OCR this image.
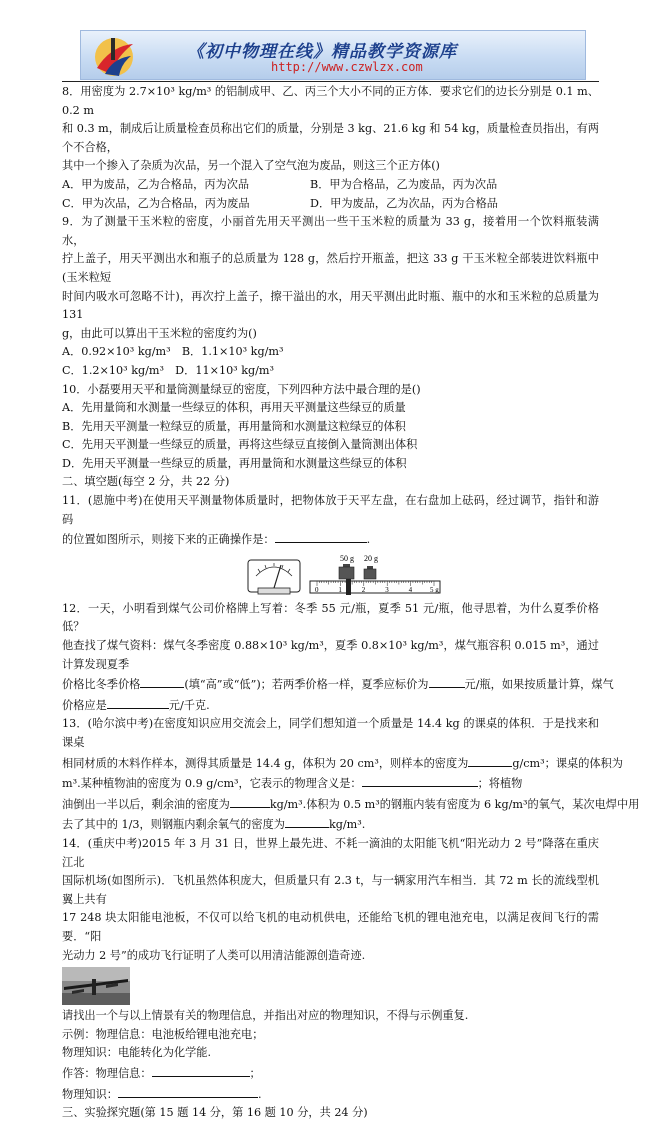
《初中物理在线》精品教学资源库
http://www.czwlzx.com

8．用密度为 2.7×10³ kg/m³ 的铝制成甲、乙、丙三个大小不同的正方体．要求它们的边长分别是 0.1 m、0.2 m

和 0.3 m，制成后让质量检查员称出它们的质量，分别是 3 kg、21.6 kg 和 54 kg，质量检查员指出，有两个不合格，

其中一个掺入了杂质为次品，另一个混入了空气泡为废品，则这三个正方体()

A．甲为废品，乙为合格品，丙为次品	B．甲为合格品，乙为废品，丙为次品
C．甲为次品，乙为合格品，丙为废品	D．甲为废品，乙为次品，丙为合格品

9．为了测量干玉米粒的密度，小丽首先用天平测出一些干玉米粒的质量为 33 g，接着用一个饮料瓶装满水，

拧上盖子，用天平测出水和瓶子的总质量为 128 g，然后拧开瓶盖，把这 33 g 干玉米粒全部装进饮料瓶中(玉米粒短

时间内吸水可忽略不计)，再次拧上盖子，擦干溢出的水，用天平测出此时瓶、瓶中的水和玉米粒的总质量为 131

g，由此可以算出干玉米粒的密度约为()

A．0.92×10³ kg/m³　B．1.1×10³ kg/m³
C．1.2×10³ kg/m³　D．11×10³ kg/m³

10．小磊要用天平和量筒测量绿豆的密度，下列四种方法中最合理的是()

A．先用量筒和水测量一些绿豆的体积，再用天平测量这些绿豆的质量
B．先用天平测量一粒绿豆的质量，再用量筒和水测量这粒绿豆的体积
C．先用天平测量一些绿豆的质量，再将这些绿豆直接倒入量筒测出体积
D．先用天平测量一些绿豆的质量，再用量筒和水测量这些绿豆的体积
二、填空题(每空 2 分，共 22 分)

11．(恩施中考)在使用天平测量物体质量时，把物体放于天平左盘，在右盘加上砝码，经过调节，指针和游码

的位置如图所示，则接下来的正确操作是：	.
50 g 20 g
0	1	2	3	4	5 g

12．一天，小明看到煤气公司价格牌上写着：冬季 55 元/瓶，夏季 51 元/瓶，他寻思着，为什么夏季价格低？

他查找了煤气资料：煤气冬季密度 0.88×10³ kg/m³，夏季 0.8×10³ kg/m³，煤气瓶容积 0.015 m³，通过计算发现夏季

价格比冬季价格	(填“高”或“低”)；若两季价格一样，夏季应标价为	元/瓶，如果按质量计算，煤气
价格应是	元/千克.

13．(哈尔滨中考)在密度知识应用交流会上，同学们想知道一个质量是 14.4 kg 的课桌的体积．于是找来和课桌

相同材质的木料作样本，测得其质量是 14.4 g，体积为 20 cm³，则样本的密度为	g/cm³；课桌的体积为
m³.某种植物油的密度为 0.9 g/cm³，它表示的物理含义是：	；将植物
油倒出一半以后，剩余油的密度为	kg/m³.体积为 0.5 m³的钢瓶内装有密度为 6 kg/m³的氧气，某次电焊中用
去了其中的 1/3，则钢瓶内剩余氧气的密度为	kg/m³.

14．(重庆中考)2015 年 3 月 31 日，世界上最先进、不耗一滴油的太阳能飞机“阳光动力 2 号”降落在重庆江北

国际机场(如图所示)．飞机虽然体积庞大，但质量只有 2.3 t，与一辆家用汽车相当．其 72 m 长的流线型机翼上共有

17 248 块太阳能电池板，不仅可以给飞机的电动机供电，还能给飞机的锂电池充电，以满足夜间飞行的需要．“阳

光动力 2 号”的成功飞行证明了人类可以用清洁能源创造奇迹.

请找出一个与以上情景有关的物理信息，并指出对应的物理知识，不得与示例重复.
示例：物理信息：电池板给锂电池充电；
物理知识：电能转化为化学能.
作答：物理信息：	；
物理知识：	.
三、实验探究题(第 15 题 14 分，第 16 题 10 分，共 24 分)
